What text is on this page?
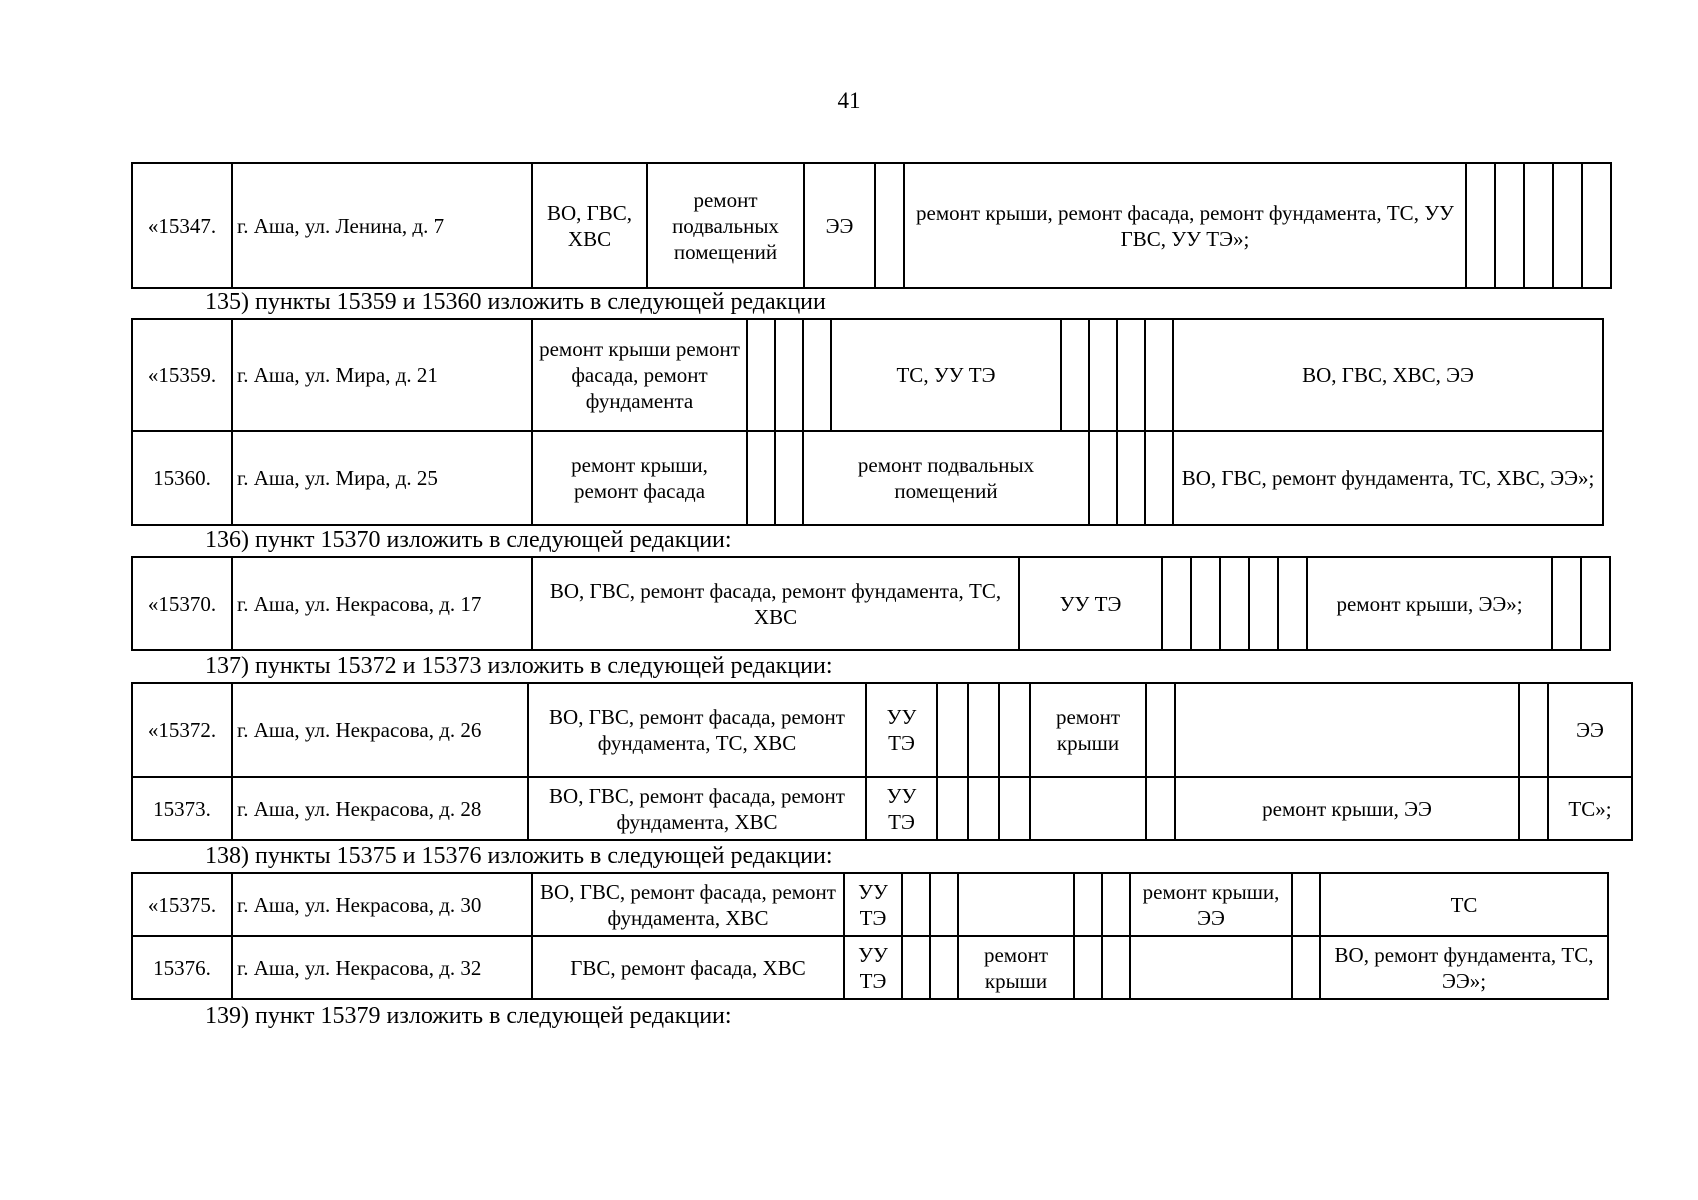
41
«15347.	г. Аша, ул. Ленина, д. 7	ВО, ГВС, ХВС	ремонт подвальных помещений	ЭЭ		ремонт крыши, ремонт фасада, ремонт фундамента, ТС, УУ ГВС, УУ ТЭ»;					
135) пункты 15359 и 15360 изложить в следующей редакции
«15359.	г. Аша, ул. Мира, д. 21	ремонт крыши ремонт фасада, ремонт фундамента				ТС, УУ ТЭ					ВО, ГВС, ХВС, ЭЭ
15360.	г. Аша, ул. Мира, д. 25	ремонт крыши, ремонт фасада			ремонт подвальных помещений						ВО, ГВС, ремонт фундамента, ТС, ХВС, ЭЭ»;
136) пункт 15370 изложить в следующей редакции:
«15370.	г. Аша, ул. Некрасова, д. 17	ВО, ГВС, ремонт фасада, ремонт фундамента, ТС, ХВС	УУ ТЭ						ремонт крыши, ЭЭ»;		
137) пункты 15372 и 15373 изложить в следующей редакции:
«15372.	г. Аша, ул. Некрасова, д. 26	ВО, ГВС, ремонт фасада, ремонт фундамента, ТС, ХВС	УУ ТЭ				ремонт крыши				ЭЭ
15373.	г. Аша, ул. Некрасова, д. 28	ВО, ГВС, ремонт фасада, ремонт фундамента, ХВС	УУ ТЭ						ремонт крыши, ЭЭ		ТС»;
138) пункты 15375 и 15376 изложить в следующей редакции:
«15375.	г. Аша, ул. Некрасова, д. 30	ВО, ГВС, ремонт фасада, ремонт фундамента, ХВС	УУ ТЭ						ремонт крыши, ЭЭ		ТС
15376.	г. Аша, ул. Некрасова, д. 32	ГВС, ремонт фасада, ХВС	УУ ТЭ			ремонт крыши					ВО, ремонт фундамента, ТС, ЭЭ»;
139) пункт 15379 изложить в следующей редакции:
